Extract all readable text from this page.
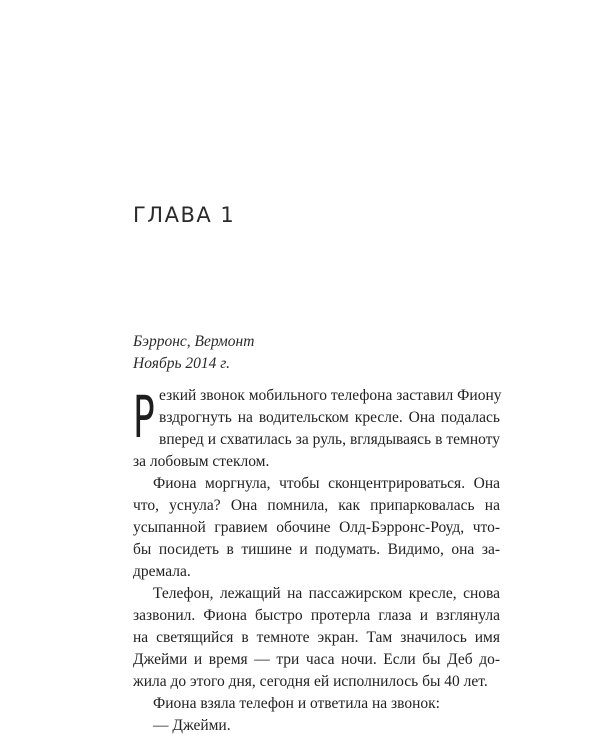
ГЛАВА 1
Бэрронс, Вермонт
Ноябрь 2014 г.
Р езкий звонок мобильного телефона заставил Фиону
вздрогнуть на водительском кресле. Она подалась
вперед и схватилась за руль, вглядываясь в темноту
за лобовым стеклом.
Фиона моргнула, чтобы сконцентрироваться. Она
что, уснула? Она помнила, как припарковалась на
усыпанной гравием обочине Олд-Бэрронс-Роуд, что-
бы посидеть в тишине и подумать. Видимо, она за-
дремала.
Телефон, лежащий на пассажирском кресле, снова
зазвонил. Фиона быстро протерла глаза и взглянула
на светящийся в темноте экран. Там значилось имя
Джейми и время — три часа ночи. Если бы Деб до-
жила до этого дня, сегодня ей исполнилось бы 40 лет.
Фиона взяла телефон и ответила на звонок:
— Джейми.
